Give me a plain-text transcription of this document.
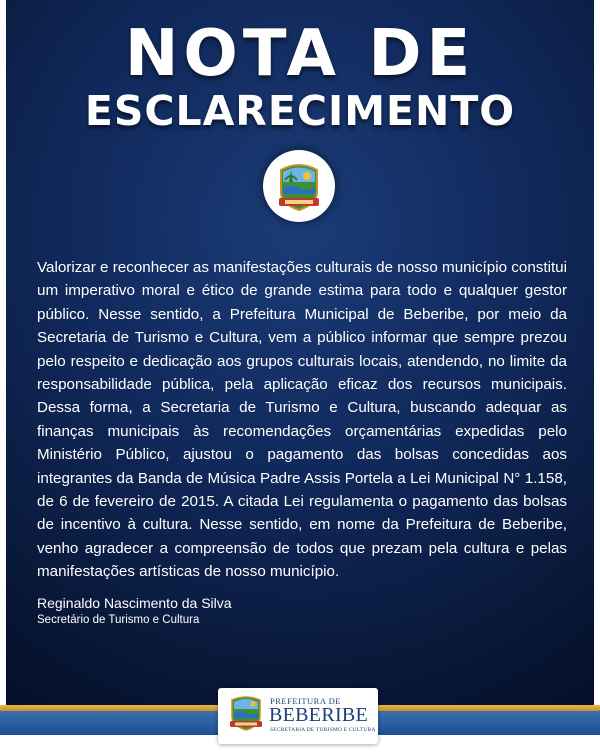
NOTA DE
ESCLARECIMENTO
Valorizar e reconhecer as manifestações culturais de nosso município constitui um imperativo moral e ético de grande estima para todo e qualquer gestor público. Nesse sentido, a Prefeitura Municipal de Beberibe, por meio da Secretaria de Turismo e Cultura, vem a público informar que sempre prezou pelo respeito e dedicação aos grupos culturais locais, atendendo, no limite da responsabilidade pública, pela aplicação eficaz dos recursos municipais. Dessa forma, a Secretaria de Turismo e Cultura, buscando adequar as finanças municipais às recomendações orçamentárias expedidas pelo Ministério Público, ajustou o pagamento das bolsas concedidas aos integrantes da Banda de Música Padre Assis Portela a Lei Municipal N° 1.158, de 6 de fevereiro de 2015. A citada Lei regulamenta o pagamento das bolsas de incentivo à cultura. Nesse sentido, em nome da Prefeitura de Beberibe, venho agradecer a compreensão de todos que prezam pela cultura e pelas manifestações artísticas de nosso município.
Reginaldo Nascimento da Silva
Secretário de Turismo e Cultura
PREFEITURA DE
BEBERIBE
SECRETARIA DE TURISMO E CULTURA
